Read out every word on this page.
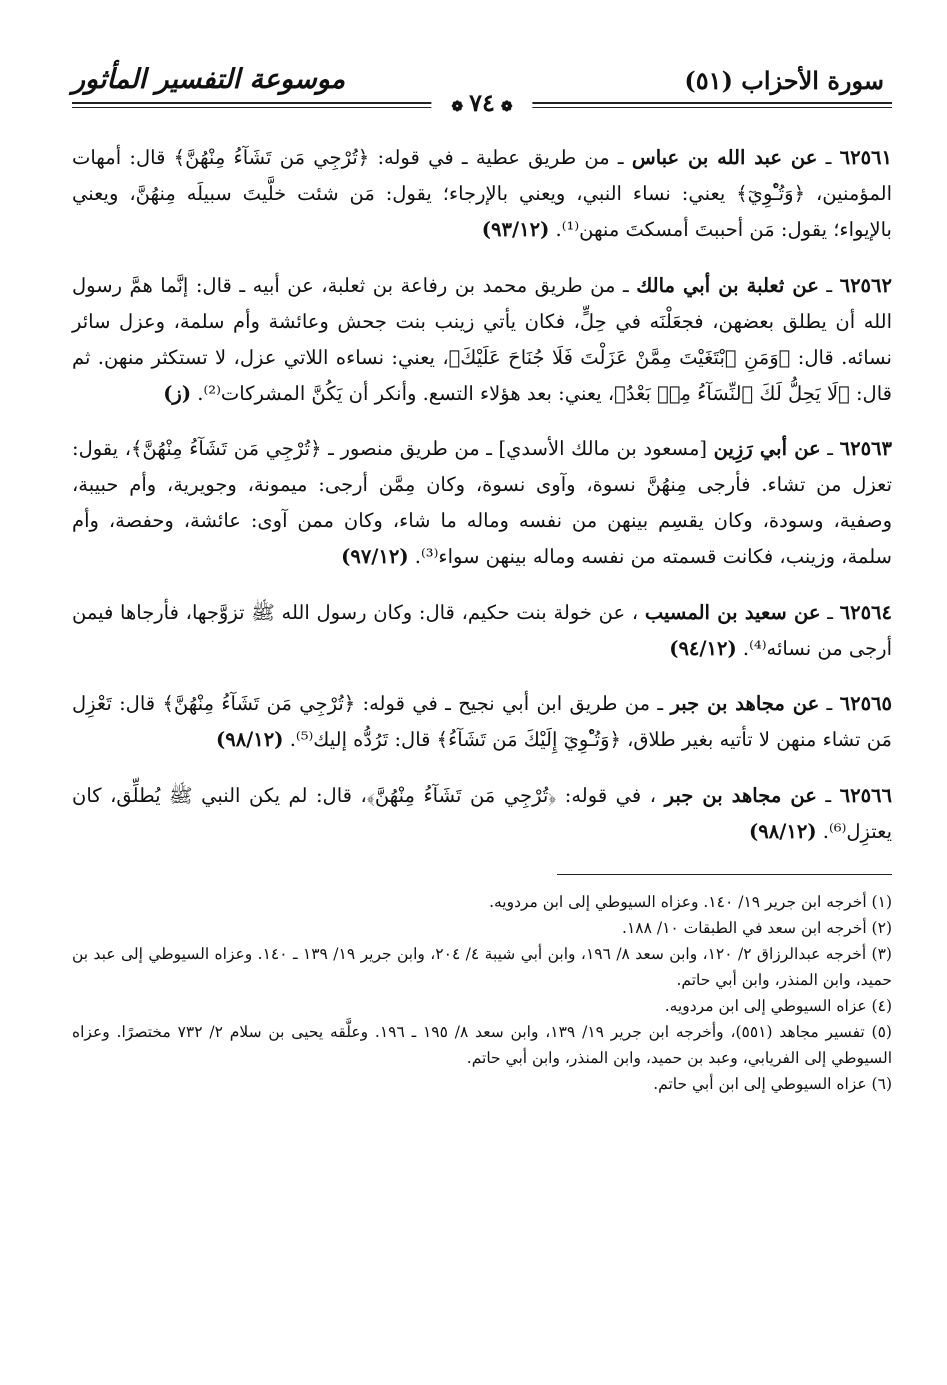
سورة الأحزاب (٥١)
موسوعة التفسير المأثور
❁٧٤❁

٦٢٥٦١ ـ عن عبد الله بن عباس ـ من طريق عطية ـ في قوله: ﴿تُرْجِي مَن تَشَآءُ مِنْهُنَّ﴾ قال: أمهات المؤمنين، ﴿وَتُـْٔوِيٓ﴾ يعني: نساء النبي، ويعني بالإرجاء؛ يقول: مَن شئت خلَّيتَ سبيلَه مِنهُنَّ، ويعني بالإيواء؛ يقول: مَن أحببتَ أمسكتَ منهن⁽¹⁾. (٩٣/١٢)

٦٢٥٦٢ ـ عن ثعلبة بن أبي مالك ـ من طريق محمد بن رفاعة بن ثعلبة، عن أبيه ـ قال: إنَّما همَّ رسول الله أن يطلق بعضهن، فجعَلْنَه في حِلٍّ، فكان يأتي زينب بنت جحش وعائشة وأم سلمة، وعزل سائر نسائه. قال: ﴿وَمَنِ ٱبْتَغَيْتَ مِمَّنْ عَزَلْتَ فَلَا جُنَاحَ عَلَيْكَ﴾، يعني: نساءه اللاتي عزل، لا تستكثر منهن. ثم قال: ﴿لَا يَحِلُّ لَكَ ٱلنِّسَآءُ مِنۢ بَعْدُ﴾، يعني: بعد هؤلاء التسع. وأنكر أن يَكُنَّ المشركات⁽²⁾. (ز)

٦٢٥٦٣ ـ عن أبي رَزِين [مسعود بن مالك الأسدي] ـ من طريق منصور ـ ﴿تُرْجِي مَن تَشَآءُ مِنْهُنَّ﴾، يقول: تعزل من تشاء. فأرجى مِنهُنَّ نسوة، وآوى نسوة، وكان مِمَّن أرجى: ميمونة، وجويرية، وأم حبيبة، وصفية، وسودة، وكان يقسِم بينهن من نفسه وماله ما شاء، وكان ممن آوى: عائشة، وحفصة، وأم سلمة، وزينب، فكانت قسمته من نفسه وماله بينهن سواء⁽³⁾. (٩٧/١٢)

٦٢٥٦٤ ـ عن سعيد بن المسيب ، عن خولة بنت حكيم، قال: وكان رسول الله ﷺ تزوَّجها، فأرجاها فيمن أرجى من نسائه⁽⁴⁾. (٩٤/١٢)

٦٢٥٦٥ ـ عن مجاهد بن جبر ـ من طريق ابن أبي نجيح ـ في قوله: ﴿تُرْجِي مَن تَشَآءُ مِنْهُنَّ﴾ قال: تَعْزِل مَن تشاء منهن لا تأتيه بغير طلاق، ﴿وَتُـْٔوِيٓ إِلَيْكَ مَن تَشَآءُ﴾ قال: تَرُدُّه إليك⁽⁵⁾. (٩٨/١٢)

٦٢٥٦٦ ـ عن مجاهد بن جبر ، في قوله: ﴿تُرْجِي مَن تَشَآءُ مِنْهُنَّ﴾، قال: لم يكن النبي ﷺ يُطلِّق، كان يعتزِل⁽⁶⁾. (٩٨/١٢)

(١) أخرجه ابن جرير ١٩/ ١٤٠. وعزاه السيوطي إلى ابن مردويه.
(٢) أخرجه ابن سعد في الطبقات ١٠/ ١٨٨.
(٣) أخرجه عبدالرزاق ٢/ ١٢٠، وابن سعد ٨/ ١٩٦، وابن أبي شيبة ٤/ ٢٠٤، وابن جرير ١٩/ ١٣٩ ـ ١٤٠. وعزاه السيوطي إلى عبد بن حميد، وابن المنذر، وابن أبي حاتم.
(٤) عزاه السيوطي إلى ابن مردويه.
(٥) تفسير مجاهد (٥٥١)، وأخرجه ابن جرير ١٩/ ١٣٩، وابن سعد ٨/ ١٩٥ ـ ١٩٦. وعلَّقه يحيى بن سلام ٢/ ٧٣٢ مختصرًا. وعزاه السيوطي إلى الفريابي، وعبد بن حميد، وابن المنذر، وابن أبي حاتم.
(٦) عزاه السيوطي إلى ابن أبي حاتم.
